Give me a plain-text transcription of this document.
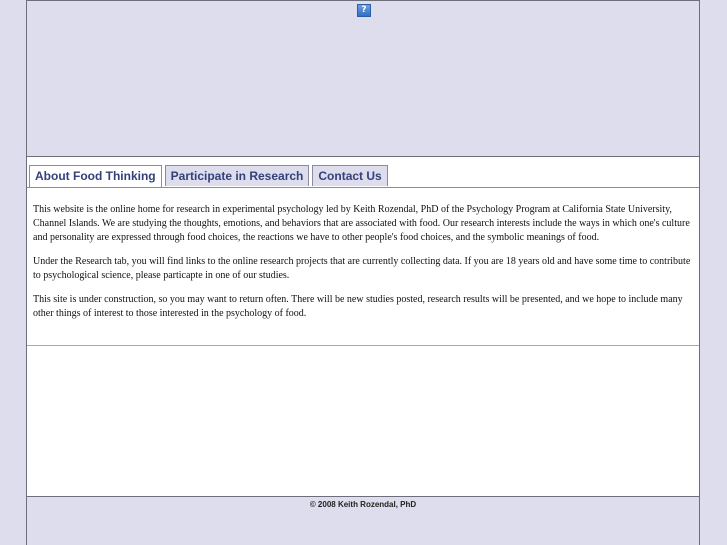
?
About Food Thinking	Participate in Research	Contact Us

This website is the online home for research in experimental psychology led by Keith Rozendal, PhD of the Psychology Program at California State University, Channel Islands. We are studying the thoughts, emotions, and behaviors that are associated with food. Our research interests include the ways in which one's culture and personality are expressed through food choices, the reactions we have to other people's food choices, and the symbolic meanings of food.

Under the Research tab, you will find links to the online research projects that are currently collecting data. If you are 18 years old and have some time to contribute to psychological science, please particapte in one of our studies.

This site is under construction, so you may want to return often. There will be new studies posted, research results will be presented, and we hope to include many other things of interest to those interested in the psychology of food.

© 2008 Keith Rozendal, PhD
